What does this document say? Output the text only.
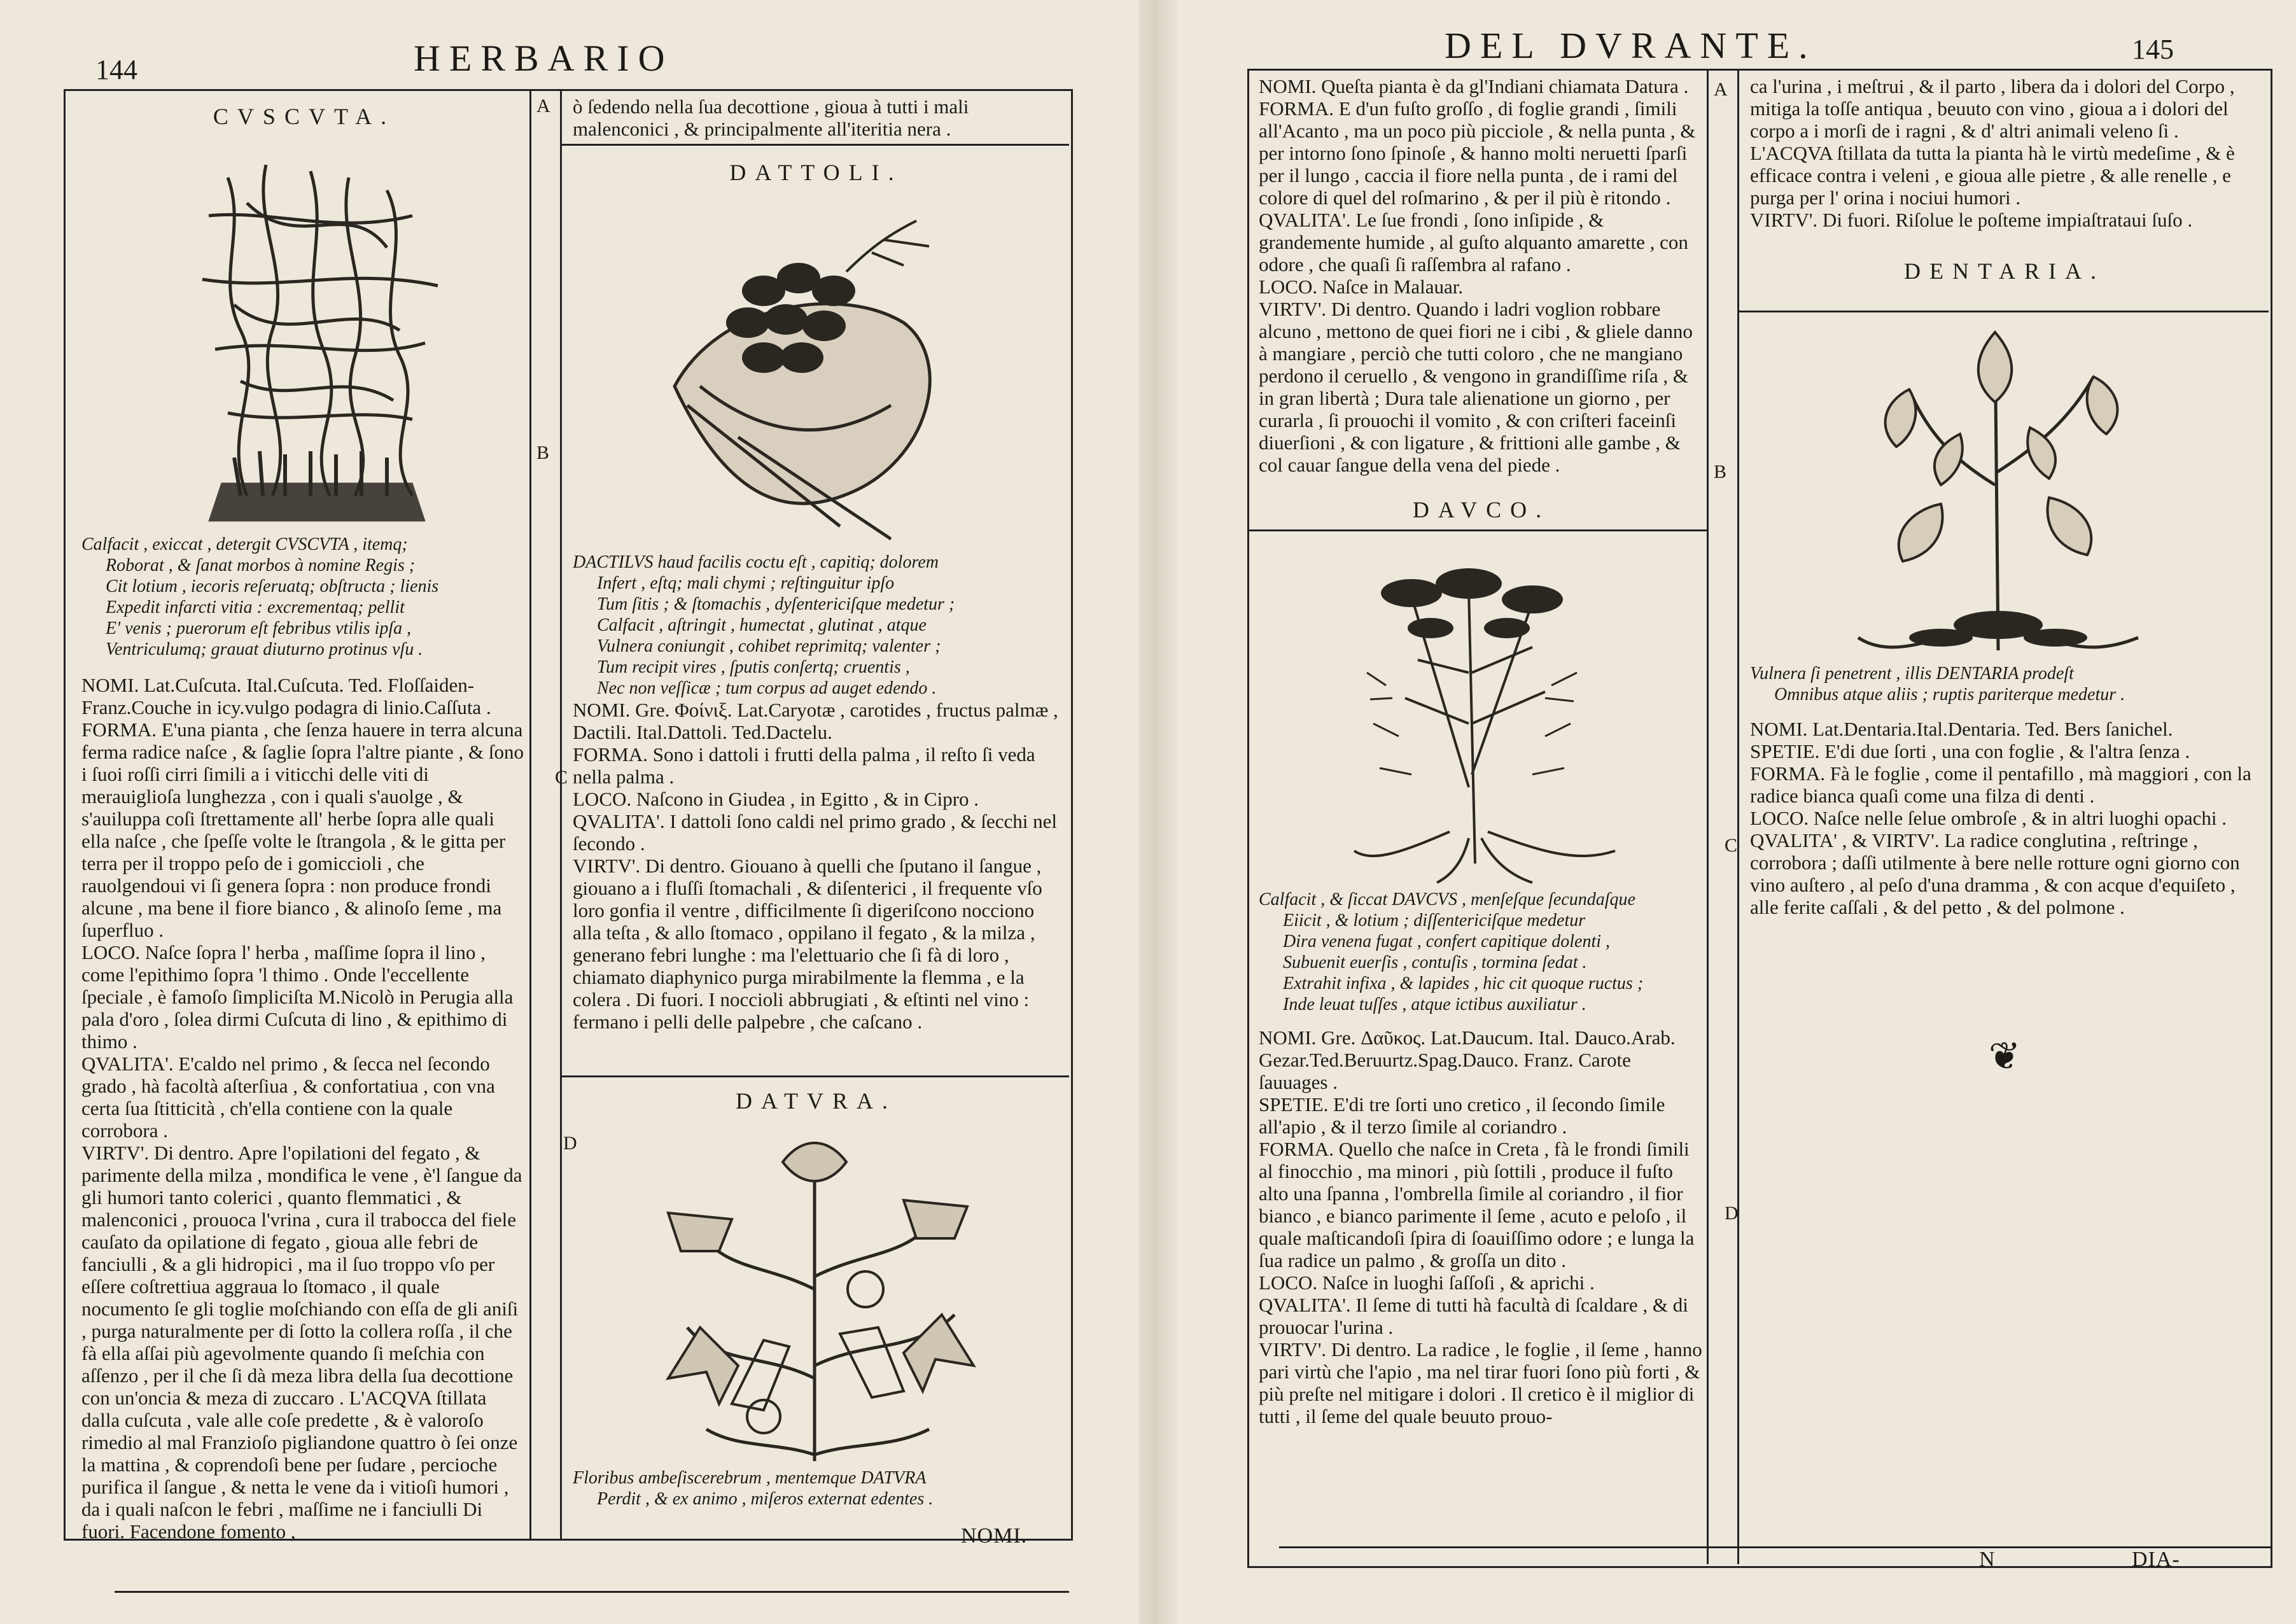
144	HERBARIO
A
B
C
D
CVSCVTA.

Calfacit , exiccat , detergit CVSCVTA , itemq;

Roborat , & ſanat morbos à nomine Regis ;

Cit lotium , iecoris reſeruatq; obſtructa ; lienis

Expedit infarcti vitia : excrementaq; pellit

E' venis ; puerorum eſt febribus vtilis ipſa ,

Ventriculumq; grauat diuturno protinus vſu .

NOMI. Lat.Cuſcuta. Ital.Cuſcuta. Ted. Floſſaiden- Franz.Couche in icy.vulgo podagra di linio.Caſſuta .

FORMA. E'una pianta , che ſenza hauere in terra alcuna ferma radice naſce , & ſaglie ſopra l'altre piante , & ſono i ſuoi roſſi cirri ſimili a i viticchi delle viti di merauiglioſa lunghezza , con i quali s'auolge , & s'auiluppa coſi ſtrettamente all' herbe ſopra alle quali ella naſce , che ſpeſſe volte le ſtrangola , & le gitta per terra per il troppo peſo de i gomicciolі , che rauolgendoui vi ſi genera ſopra : non produce frondi alcune , ma bene il fiore bianco , & alinoſo ſeme , ma ſuperfluo .

LOCO. Naſce ſopra l' herba , maſſime ſopra il lino , come l'epithimo ſopra 'l thimo . Onde l'eccellente ſpeciale , è famoſo ſimpliciſta M.Nicolò in Perugia alla pala d'oro , ſolea dirmi Cuſcuta di lino , & epithimo di thimo .

QVALITA'. E'caldo nel primo , & ſecca nel ſecondo grado , hà facoltà aſterſiua , & confortatiua , con vna certa ſua ſtitticità , ch'ella contiene con la quale corrobora .

VIRTV'. Di dentro. Apre l'opilationi del fegato , & parimente della milza , mondifica le vene , è'l ſangue da gli humori tanto colerici , quanto flemmatici , & malenconici , prouoca l'vrina , cura il trabocca del fiele cauſato da opilatione di fegato , gioua alle febri de fanciulli , & a gli hidropici , ma il ſuo troppo vſo per eſſere coſtrettiua aggraua lo ſtomaco , il quale nocumento ſe gli toglie moſchiando con eſſa de gli aniſi , purga naturalmente per di ſotto la collera roſſa , il che fà ella aſſai più agevolmente quando ſi meſchia con aſſenzo , per il che ſi dà meza libra della ſua decottione con un'oncia & meza di zuccaro . L'ACQVA ſtillata dalla cuſcuta , vale alle coſe predette , & è valoroſo rimedio al mal Franzioſo pigliandone quattro ò ſei onze la mattina , & coprendoſi bene per ſudare , percioche purifica il ſangue , & netta le vene da i vitioſi humori , da i quali naſcon le febri , maſſime ne i fanciulli Di fuori. Facendone fomento ,

ò ſedendo nella ſua decottione , gioua à tutti i mali malenconici , & principalmente all'iteritia nera .

DATTOLI.

DACTILVS haud facilis coctu eſt , capitiq; dolorem

Infert , eſtq; mali chymi ; reſtinguitur ipſo

Tum ſitis ; & ſtomachis , dyſentericiſque medetur ;

Calfacit , aſtringit , humectat , glutinat , atque

Vulnera coniungit , cohibet reprimitq; valenter ;

Tum recipit vires , ſputis conſertq; cruentis ,

Nec non veſſicæ ; tum corpus ad auget edendo .

NOMI. Gre. Φοίνιξ. Lat.Caryotæ , carotides , fructus palmæ , Dactili. Ital.Dattoli. Ted.Dactelu.

FORMA. Sono i dattoli i frutti della palma , il reſto ſi veda nella palma .

LOCO. Naſcono in Giudea , in Egitto , & in Cipro .

QVALITA'. I dattoli ſono caldi nel primo grado , & ſecchi nel ſecondo .

VIRTV'. Di dentro. Giouano à quelli che ſputano il ſangue , giouano a i fluſſi ſtomachali , & diſenterici , il frequente vſo loro gonfia il ventre , difficilmente ſi digeriſcono nocciono alla teſta , & allo ſtomaco , oppilano il fegato , & la milza , generano febri lunghe : ma l'elettuario che ſi fà di loro , chiamato diaphynico purga mirabilmente la flemma , e la colera . Di fuori. I noccioli abbrugiati , & eſtinti nel vino : fermano i pelli delle palpebre , che caſcano .

DATVRA.

Floribus ambeſiscerebrum , mentemque DATVRA

Perdit , & ex animo , miſeros externat edentes .

NOMI.
DEL DVRANTE.	145
A
B
C
D

NOMI. Queſta pianta è da gl'Indiani chiamata Datura .

FORMA. E d'un fuſto groſſo , di foglie grandi , ſimili all'Acanto , ma un poco più picciole , & nella punta , & per intorno ſono ſpinoſe , & hanno molti neruetti ſparſi per il lungo , caccia il fiore nella punta , de i rami del colore di quel del roſmarino , & per il più è ritondo .

QVALITA'. Le ſue frondi , ſono inſipide , & grandemente humide , al guſto alquanto amarette , con odore , che quaſi ſi raſſembra al rafano .

LOCO. Naſce in Malauar.

VIRTV'. Di dentro. Quando i ladri voglion robbare alcuno , mettono de quei fiori ne i cibi , & gliele danno à mangiare , perciò che tutti coloro , che ne mangiano perdono il ceruello , & vengono in grandiſſime riſa , & in gran libertà ; Dura tale alienatione un giorno , per curarla , ſi prouochi il vomito , & con criſteri faceinſi diuerſioni , & con ligature , & frittioni alle gambe , & col cauar ſangue della vena del piede .

DAVCO.

Calfacit , & ſiccat DAVCVS , menſeſque ſecundaſque

Eiicit , & lotium ; diſſentericiſque medetur

Dira venena fugat , confert capitique dolenti ,

Subuenit euerſis , contuſis , tormina ſedat .

Extrahit infixa , & lapides , hic cit quoque ructus ;

Inde leuat tuſſes , atque ictibus auxiliatur .

NOMI. Gre. Δαῦκος. Lat.Daucum. Ital. Dauco.Arab. Gezar.Ted.Beruurtz.Spag.Dauco. Franz. Carote ſauuages .

SPETIE. E'di tre ſorti uno cretico , il ſecondo ſimile all'apio , & il terzo ſimile al coriandro .

FORMA. Quello che naſce in Creta , fà le frondi ſimili al finocchio , ma minori , più ſottili , produce il fuſto alto una ſpanna , l'ombrella ſimile al coriandro , il fior bianco , e bianco parimente il ſeme , acuto e peloſo , il quale maſticandoſi ſpira di ſoauiſſimo odore ; e lunga la ſua radice un palmo , & groſſa un dito .

LOCO. Naſce in luoghi ſaſſoſi , & aprichi .

QVALITA'. Il ſeme di tutti hà facultà di ſcaldare , & di prouocar l'urina .

VIRTV'. Di dentro. La radice , le foglie , il ſeme , hanno pari virtù che l'apio , ma nel tirar fuori ſono più forti , & più preſte nel mitigare i dolori . Il cretico è il miglior di tutti , il ſeme del quale beuuto prouo-

ca l'urina , i meſtrui , & il parto , libera da i dolori del Corpo , mitiga la toſſe antiqua , beuuto con vino , gioua a i dolori del corpo a i morſi de i ragni , & d' altri animali veleno ſi . L'ACQVA ſtillata da tutta la pianta hà le virtù medeſime , & è efficace contra i veleni , e gioua alle pietre , & alle renelle , e purga per l' orina i nociui humori .

VIRTV'. Di fuori. Riſolue le poſteme impiaſtrataui ſuſo .

DENTARIA.

Vulnera ſi penetrent , illis DENTARIA prodeſt

Omnibus atque aliis ; ruptis pariterque medetur .

NOMI. Lat.Dentaria.Ital.Dentaria. Ted. Bers ſanichel.

SPETIE. E'di due ſorti , una con foglie , & l'altra ſenza .

FORMA. Fà le foglie , come il pentafillo , mà maggiori , con la radice bianca quaſi come una filza di denti .

LOCO. Naſce nelle ſelue ombroſe , & in altri luoghi opachi .

QVALITA' , & VIRTV'. La radice conglutina , reſtringe , corrobora ; daſſi utilmente à bere nelle rotture ogni giorno con vino auſtero , al peſo d'una dramma , & con acque d'equiſeto , alle ferite caſſali , & del petto , & del polmone .

❦
N	DIA-
